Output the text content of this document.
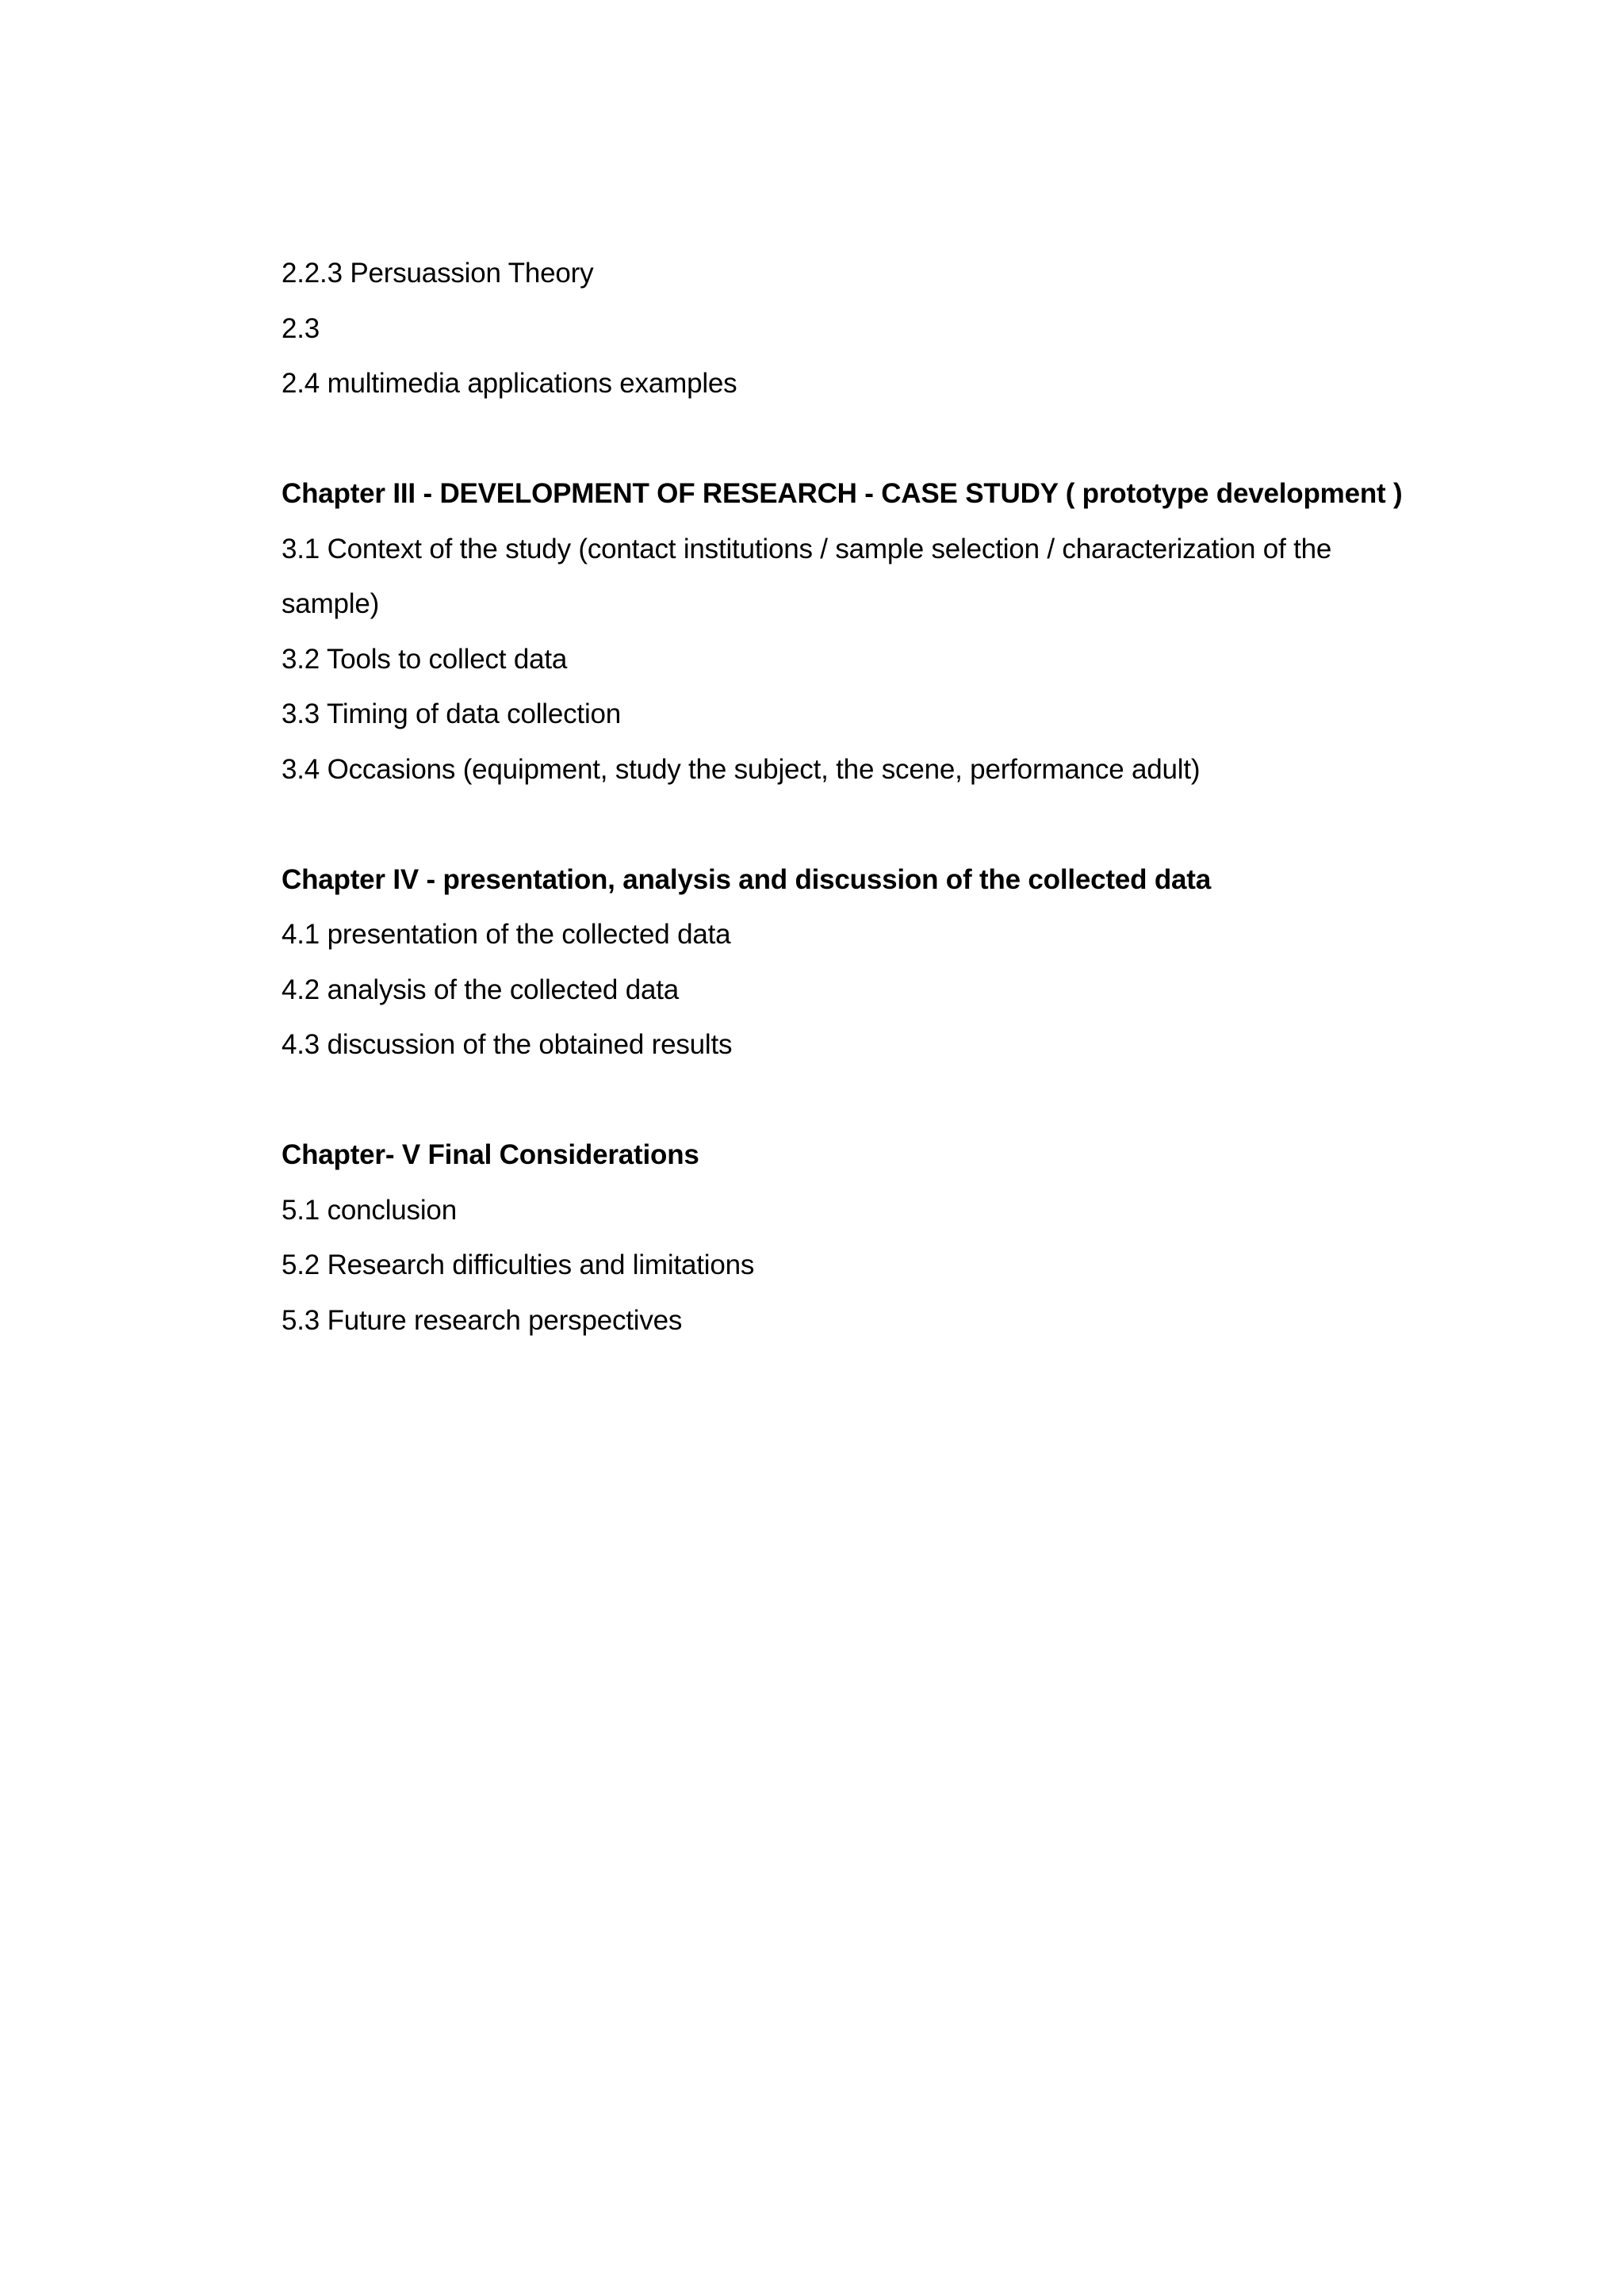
2.2.3 Persuassion Theory
2.3
2.4 multimedia applications examples
Chapter III - DEVELOPMENT OF RESEARCH - CASE STUDY ( prototype development )
3.1 Context of the study (contact institutions / sample selection / characterization of the
sample)
3.2 Tools to collect data
3.3 Timing of data collection
3.4 Occasions (equipment, study the subject, the scene, performance adult)
Chapter IV - presentation, analysis and discussion of the collected data
4.1 presentation of the collected data
4.2 analysis of the collected data
4.3 discussion of the obtained results
Chapter- V Final Considerations
5.1 conclusion
5.2 Research difficulties and limitations
5.3 Future research perspectives
